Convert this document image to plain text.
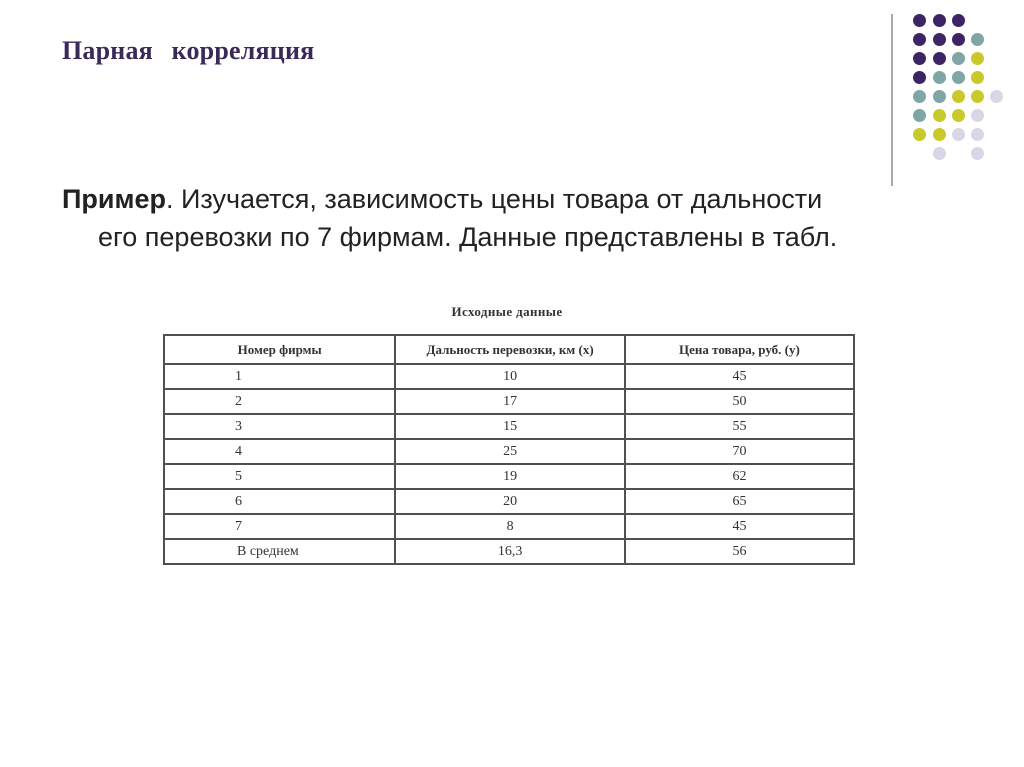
Парная корреляция
Пример. Изучается, зависимость цены товара от дальности
его перевозки по 7 фирмам. Данные представлены в табл.
Исходные данные
Номер фирмы	Дальность перевозки, км (x)	Цена товара, руб. (y)
1	10	45
2	17	50
3	15	55
4	25	70
5	19	62
6	20	65
7	8	45
В среднем	16,3	56
